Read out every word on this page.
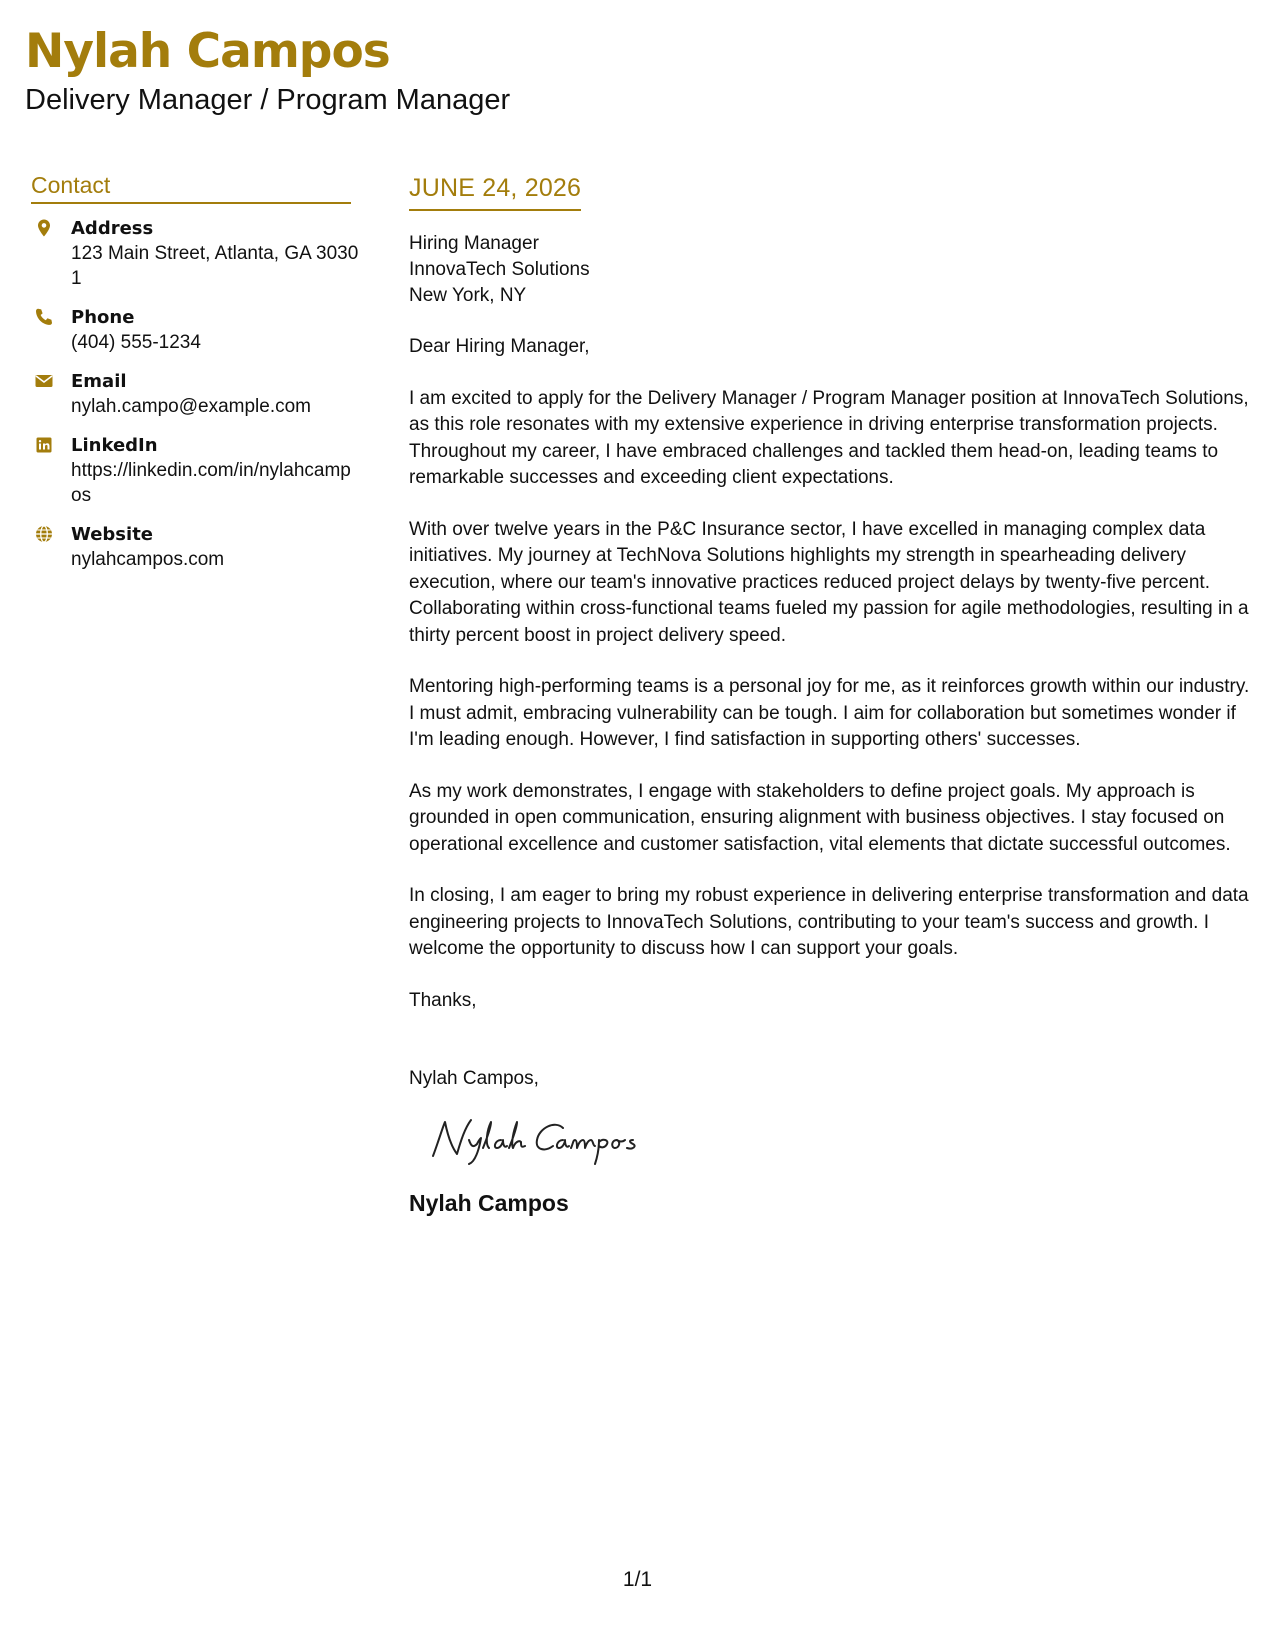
Nylah Campos
Delivery Manager / Program Manager
Contact
Address
123 Main Street, Atlanta, GA 30301
Phone
(404) 555-1234
Email
nylah.campo@example.com
LinkedIn
https://linkedin.com/in/nylahcampos
Website
nylahcampos.com
JUNE 24, 2026
Hiring Manager
InnovaTech Solutions
New York, NY

Dear Hiring Manager,

I am excited to apply for the Delivery Manager / Program Manager position at InnovaTech Solutions, as this role resonates with my extensive experience in driving enterprise transformation projects. Throughout my career, I have embraced challenges and tackled them head-on, leading teams to remarkable successes and exceeding client expectations.

With over twelve years in the P&C Insurance sector, I have excelled in managing complex data initiatives. My journey at TechNova Solutions highlights my strength in spearheading delivery execution, where our team's innovative practices reduced project delays by twenty-five percent. Collaborating within cross-functional teams fueled my passion for agile methodologies, resulting in a thirty percent boost in project delivery speed.

Mentoring high-performing teams is a personal joy for me, as it reinforces growth within our industry. I must admit, embracing vulnerability can be tough. I aim for collaboration but sometimes wonder if I'm leading enough. However, I find satisfaction in supporting others' successes.

As my work demonstrates, I engage with stakeholders to define project goals. My approach is grounded in open communication, ensuring alignment with business objectives. I stay focused on operational excellence and customer satisfaction, vital elements that dictate successful outcomes.

In closing, I am eager to bring my robust experience in delivering enterprise transformation and data engineering projects to InnovaTech Solutions, contributing to your team's success and growth. I welcome the opportunity to discuss how I can support your goals.

Thanks,
Nylah Campos,
Nylah Campos
1/1
